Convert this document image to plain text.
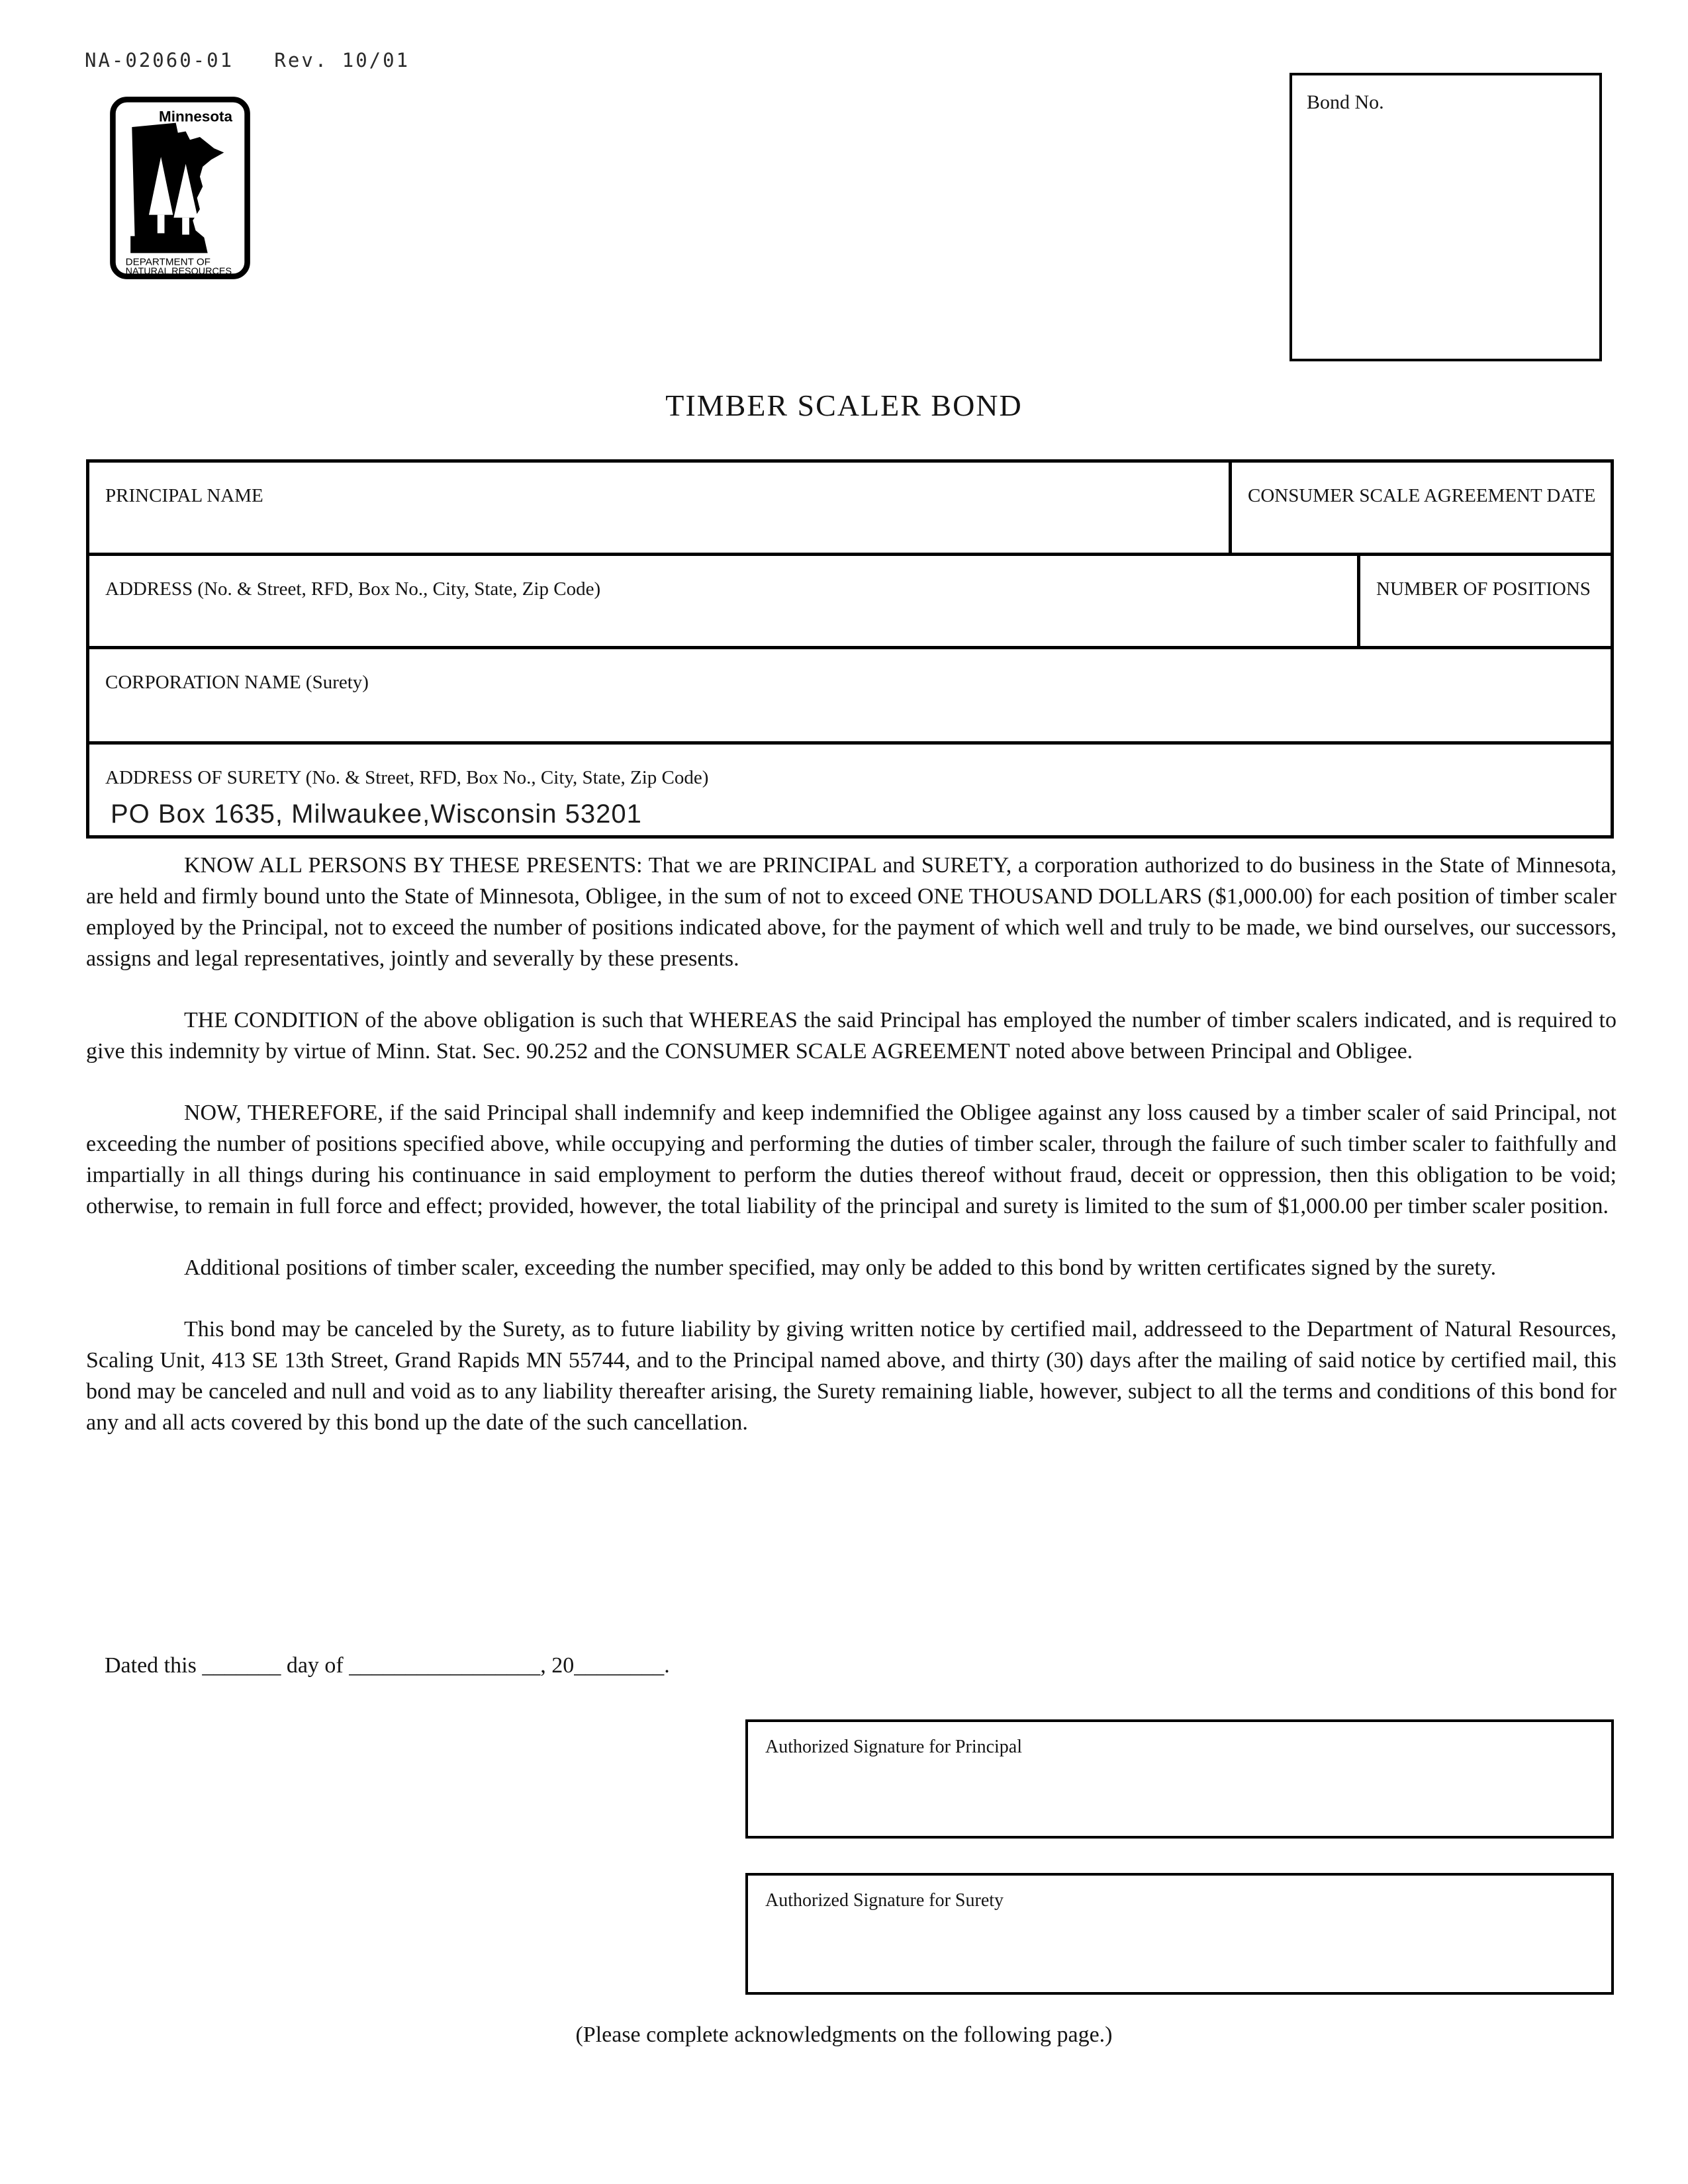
NA-02060-01   Rev. 10/01
Minnesota
DEPARTMENT OF
NATURAL RESOURCES
Bond No.
TIMBER SCALER BOND
PRINCIPAL NAME	CONSUMER SCALE AGREEMENT DATE
ADDRESS (No. & Street, RFD, Box No., City, State, Zip Code)	NUMBER OF POSITIONS
CORPORATION NAME (Surety)
ADDRESS OF SURETY (No. & Street, RFD, Box No., City, State, Zip Code)
PO Box 1635, Milwaukee,Wisconsin 53201

KNOW ALL PERSONS BY THESE PRESENTS: That we are PRINCIPAL and SURETY, a corporation authorized to do business in the State of Minnesota, are held and firmly bound unto the State of Minnesota, Obligee, in the sum of not to exceed ONE THOUSAND DOLLARS ($1,000.00) for each position of timber scaler employed by the Principal, not to exceed the number of positions indicated above, for the payment of which well and truly to be made, we bind ourselves, our successors, assigns and legal representatives, jointly and severally by these presents.

THE CONDITION of the above obligation is such that WHEREAS the said Principal has employed the number of timber scalers indicated, and is required to give this indemnity by virtue of Minn. Stat. Sec. 90.252 and the CONSUMER SCALE AGREEMENT noted above between Principal and Obligee.

NOW, THEREFORE, if the said Principal shall indemnify and keep indemnified the Obligee against any loss caused by a timber scaler of said Principal, not exceeding the number of positions specified above, while occupying and performing the duties of timber scaler, through the failure of such timber scaler to faithfully and impartially in all things during his continuance in said employment to perform the duties thereof without fraud, deceit or oppression, then this obligation to be void; otherwise, to remain in full force and effect; provided, however, the total liability of the principal and surety is limited to the sum of $1,000.00 per timber scaler position.

Additional positions of timber scaler, exceeding the number specified, may only be added to this bond by written certificates signed by the surety.

This bond may be canceled by the Surety, as to future liability by giving written notice by certified mail, addresseed to the Department of Natural Resources, Scaling Unit, 413 SE 13th Street, Grand Rapids MN 55744, and to the Principal named above, and thirty (30) days after the mailing of said notice by certified mail, this bond may be canceled and null and void as to any liability thereafter arising, the Surety remaining liable, however, subject to all the terms and conditions of this bond for any and all acts covered by this bond up the date of the such cancellation.

Dated this _______ day of _________________, 20________.
Authorized Signature for Principal
Authorized Signature for Surety
(Please complete acknowledgments on the following page.)
